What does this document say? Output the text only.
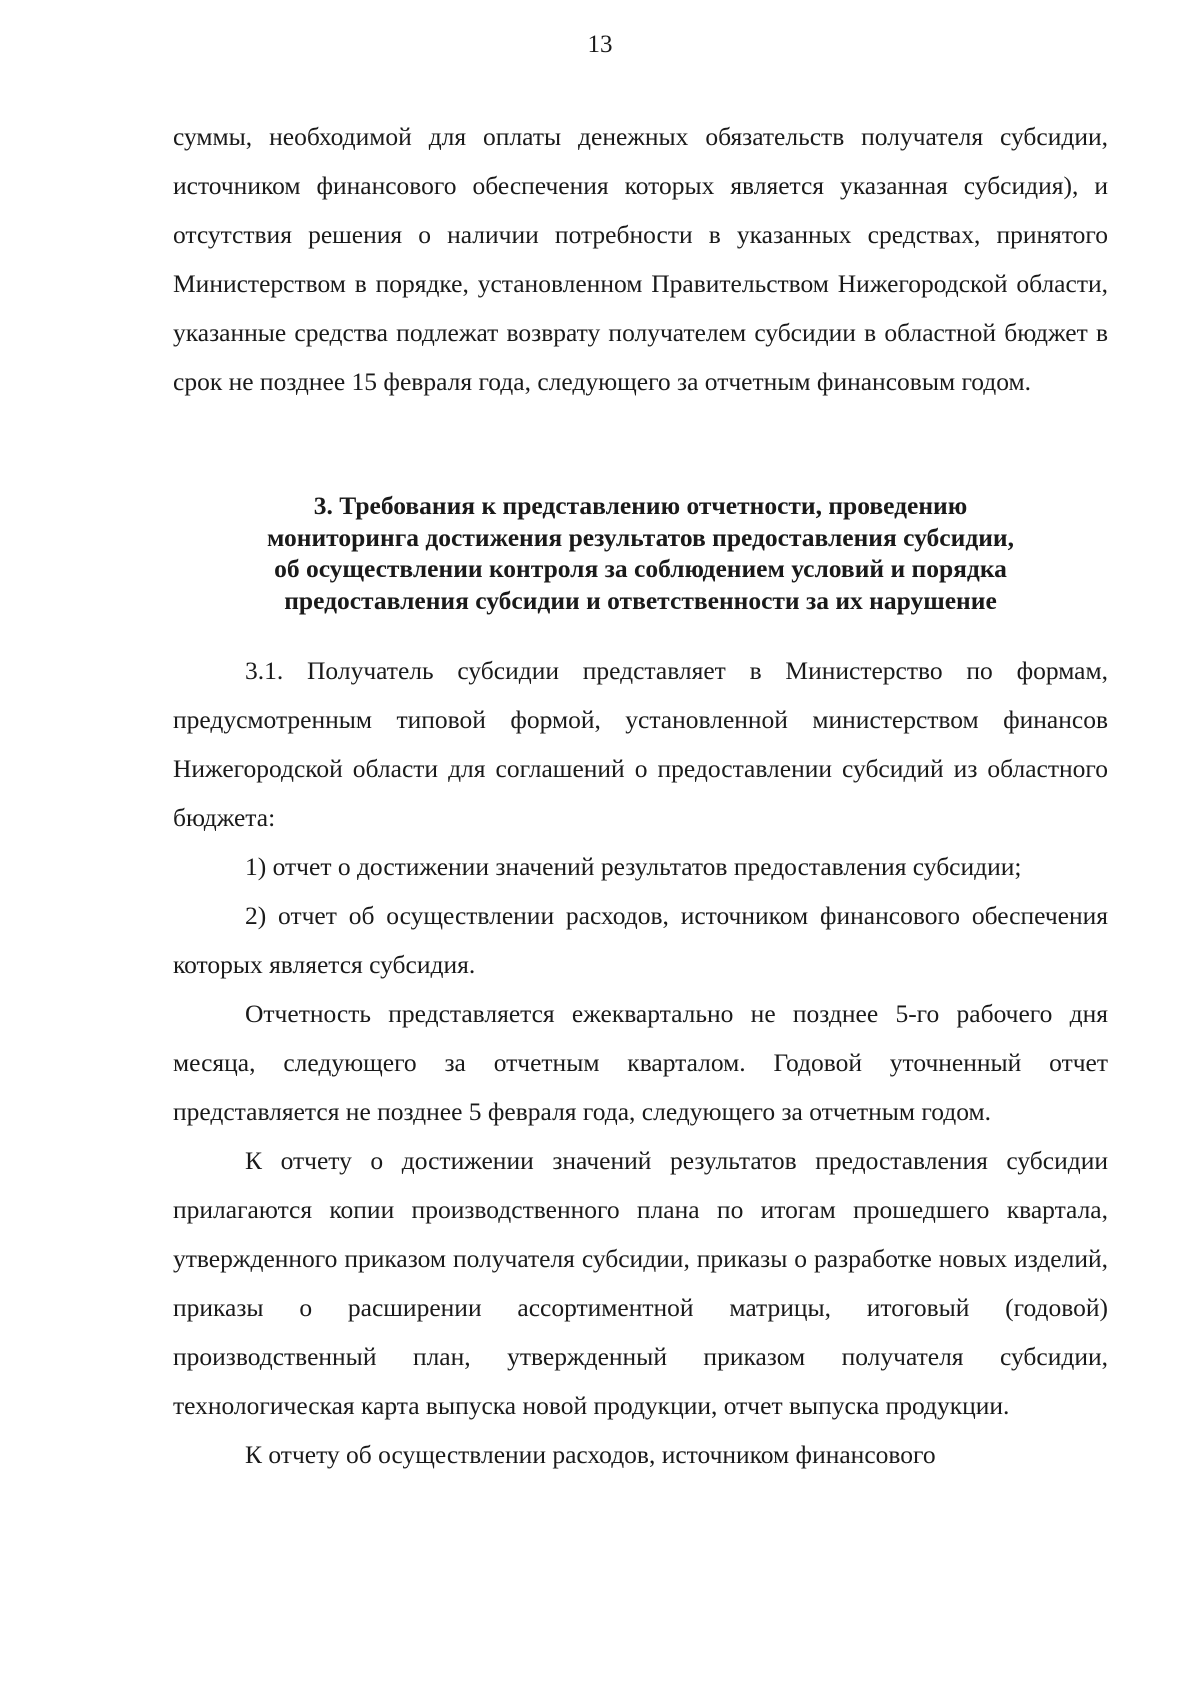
13

суммы, необходимой для оплаты денежных обязательств получателя субсидии, источником финансового обеспечения которых является указанная субсидия), и отсутствия решения о наличии потребности в указанных средствах, принятого Министерством в порядке, установленном Правительством Нижегородской области, указанные средства подлежат возврату получателем субсидии в областной бюджет в срок не позднее 15 февраля года, следующего за отчетным финансовым годом.

3. Требования к представлению отчетности, проведению
мониторинга достижения результатов предоставления субсидии,
об осуществлении контроля за соблюдением условий и порядка
предоставления субсидии и ответственности за их нарушение

3.1. Получатель субсидии представляет в Министерство по формам, предусмотренным типовой формой, установленной министерством финансов Нижегородской области для соглашений о предоставлении субсидий из областного бюджета:

1) отчет о достижении значений результатов предоставления субсидии;

2) отчет об осуществлении расходов, источником финансового обеспечения которых является субсидия.

Отчетность представляется ежеквартально не позднее 5-го рабочего дня месяца, следующего за отчетным кварталом. Годовой уточненный отчет представляется не позднее 5 февраля года, следующего за отчетным годом.

К отчету о достижении значений результатов предоставления субсидии прилагаются копии производственного плана по итогам прошедшего квартала, утвержденного приказом получателя субсидии, приказы о разработке новых изделий, приказы о расширении ассортиментной матрицы, итоговый (годовой) производственный план, утвержденный приказом получателя субсидии, технологическая карта выпуска новой продукции, отчет выпуска продукции.

К отчету об осуществлении расходов, источником финансового
